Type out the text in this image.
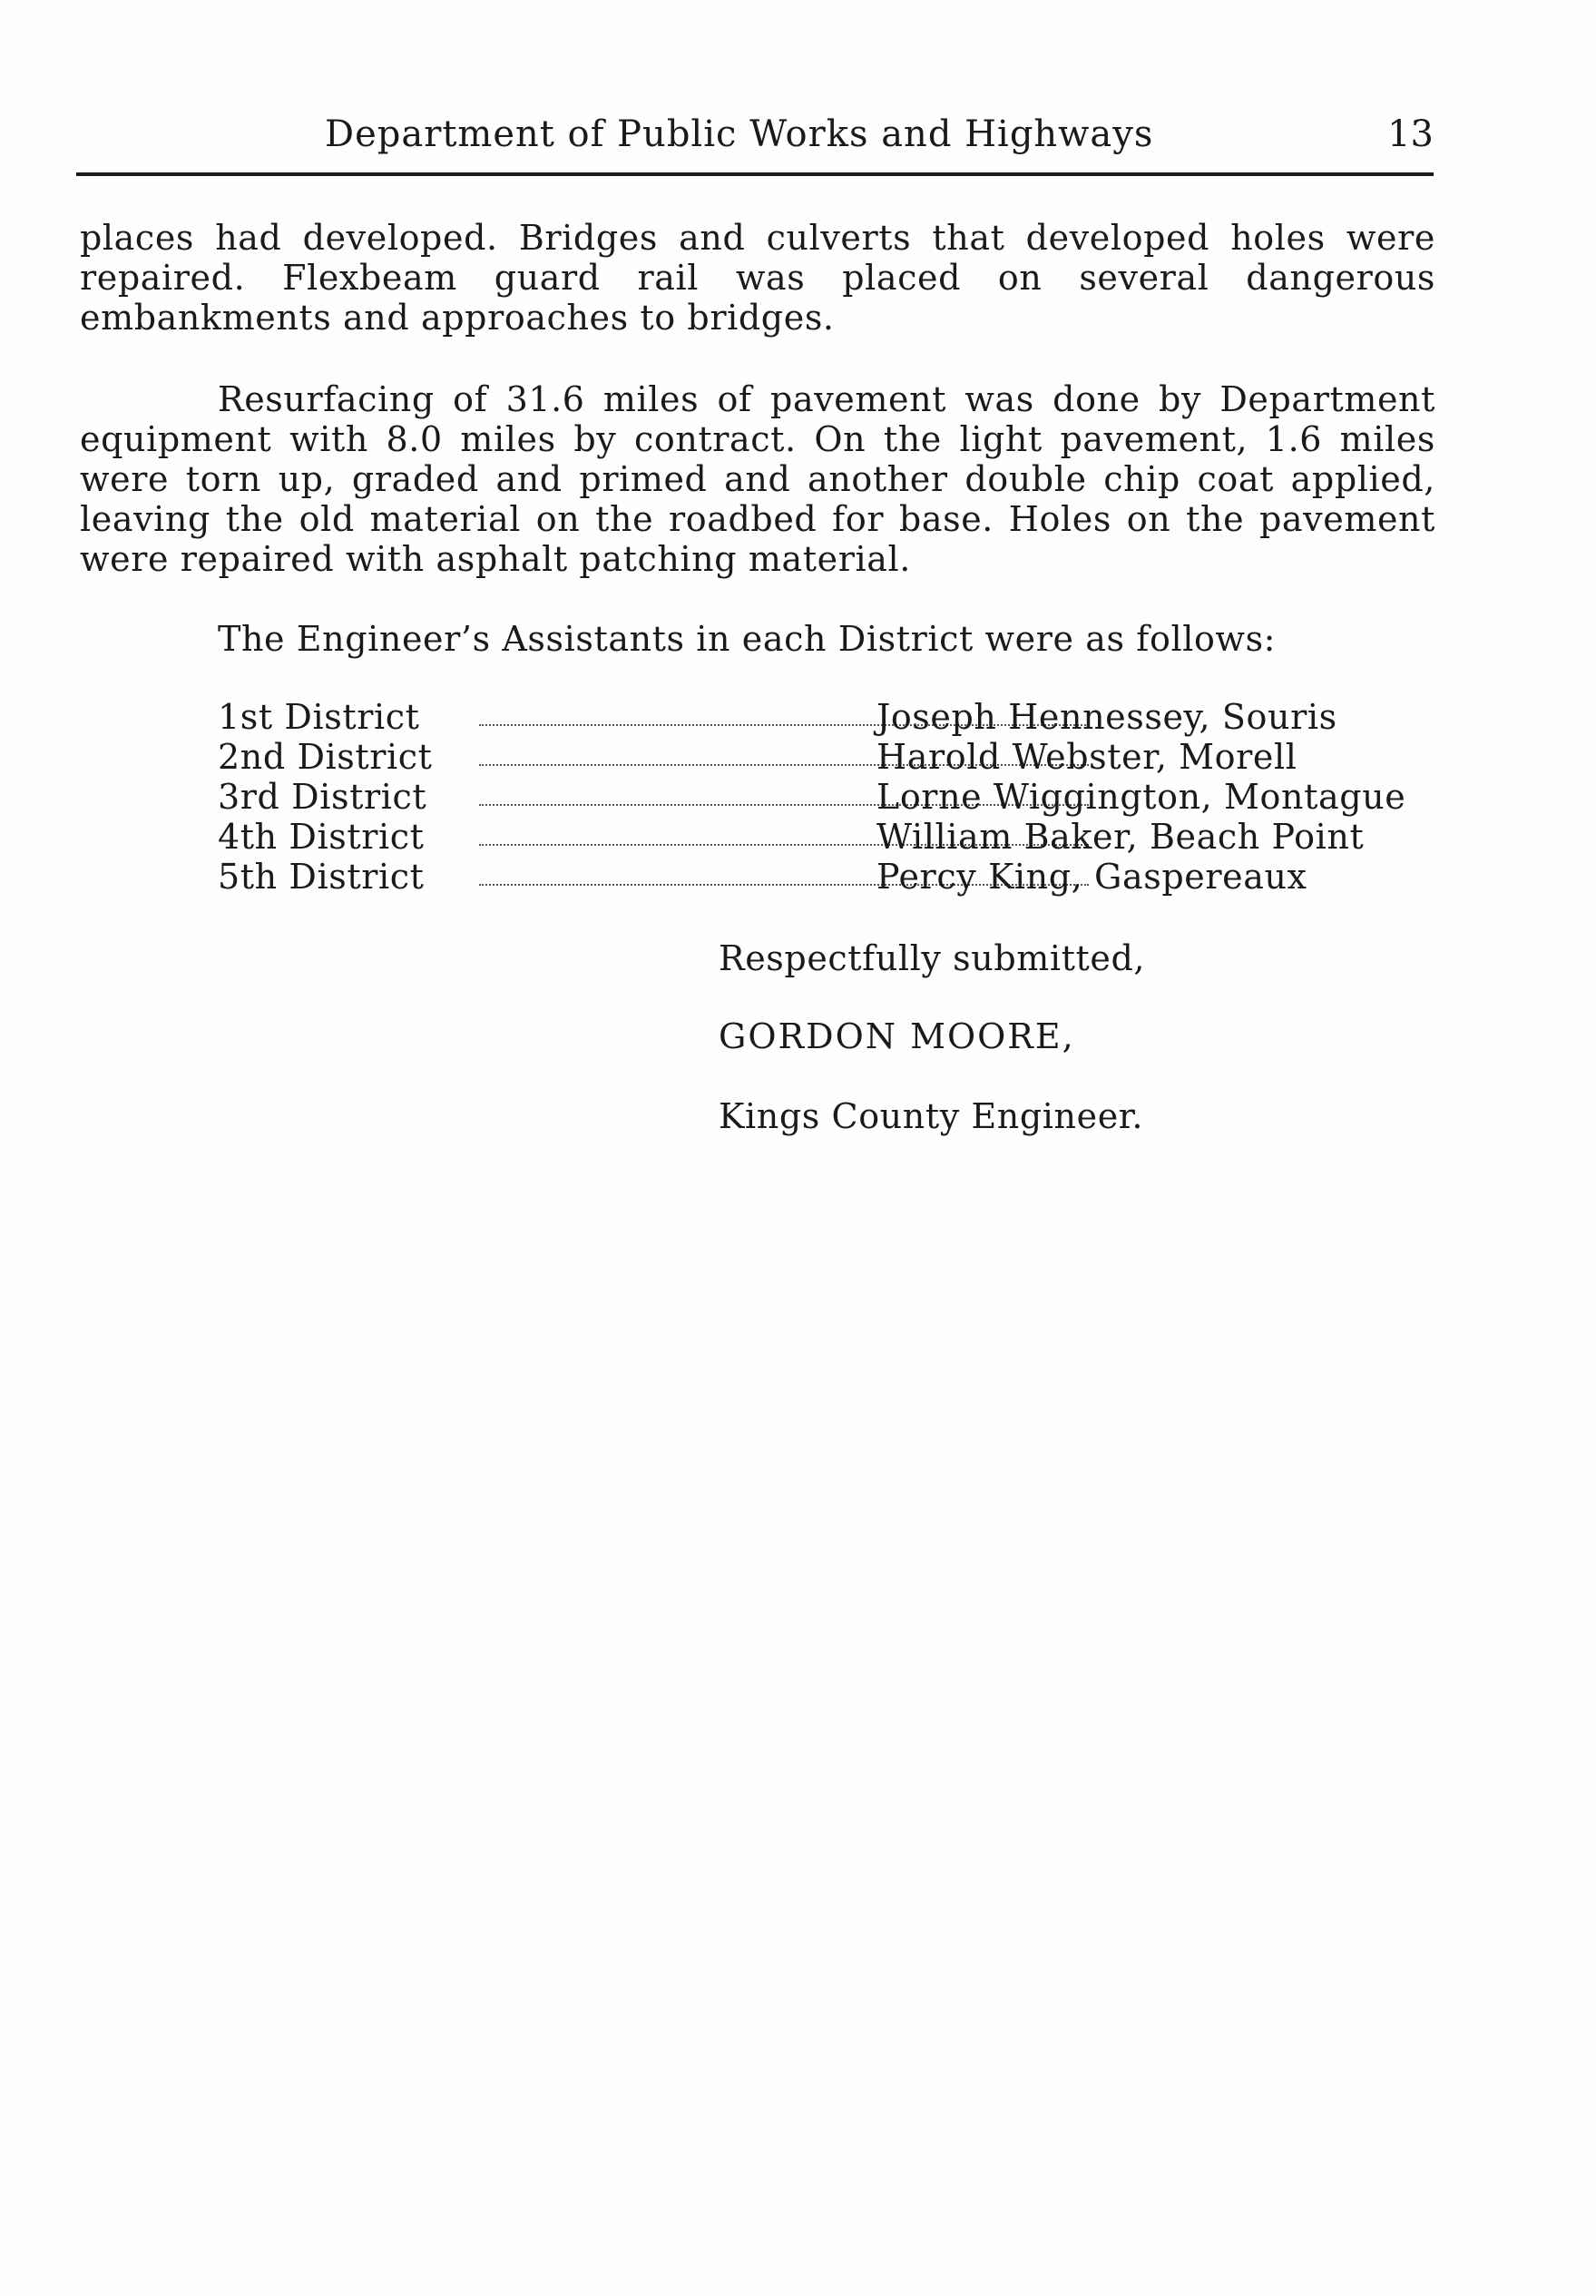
Department of Public Works and Highways	13

places had developed. Bridges and culverts that developed holes were repaired. Flexbeam guard rail was placed on several dangerous embankments and approaches to bridges.

Resurfacing of 31.6 miles of pavement was done by Department equipment with 8.0 miles by contract. On the light pavement, 1.6 miles were torn up, graded and primed and another double chip coat applied, leaving the old material on the roadbed for base. Holes on the pavement were repaired with asphalt patching material.

The Engineer’s Assistants in each District were as follows:

1st District	Joseph Hennessey, Souris
2nd District	Harold Webster, Morell
3rd District	Lorne Wiggington, Montague
4th District	William Baker, Beach Point
5th District	Percy King, Gaspereaux
Respectfully submitted,
GORDON MOORE,
Kings County Engineer.
